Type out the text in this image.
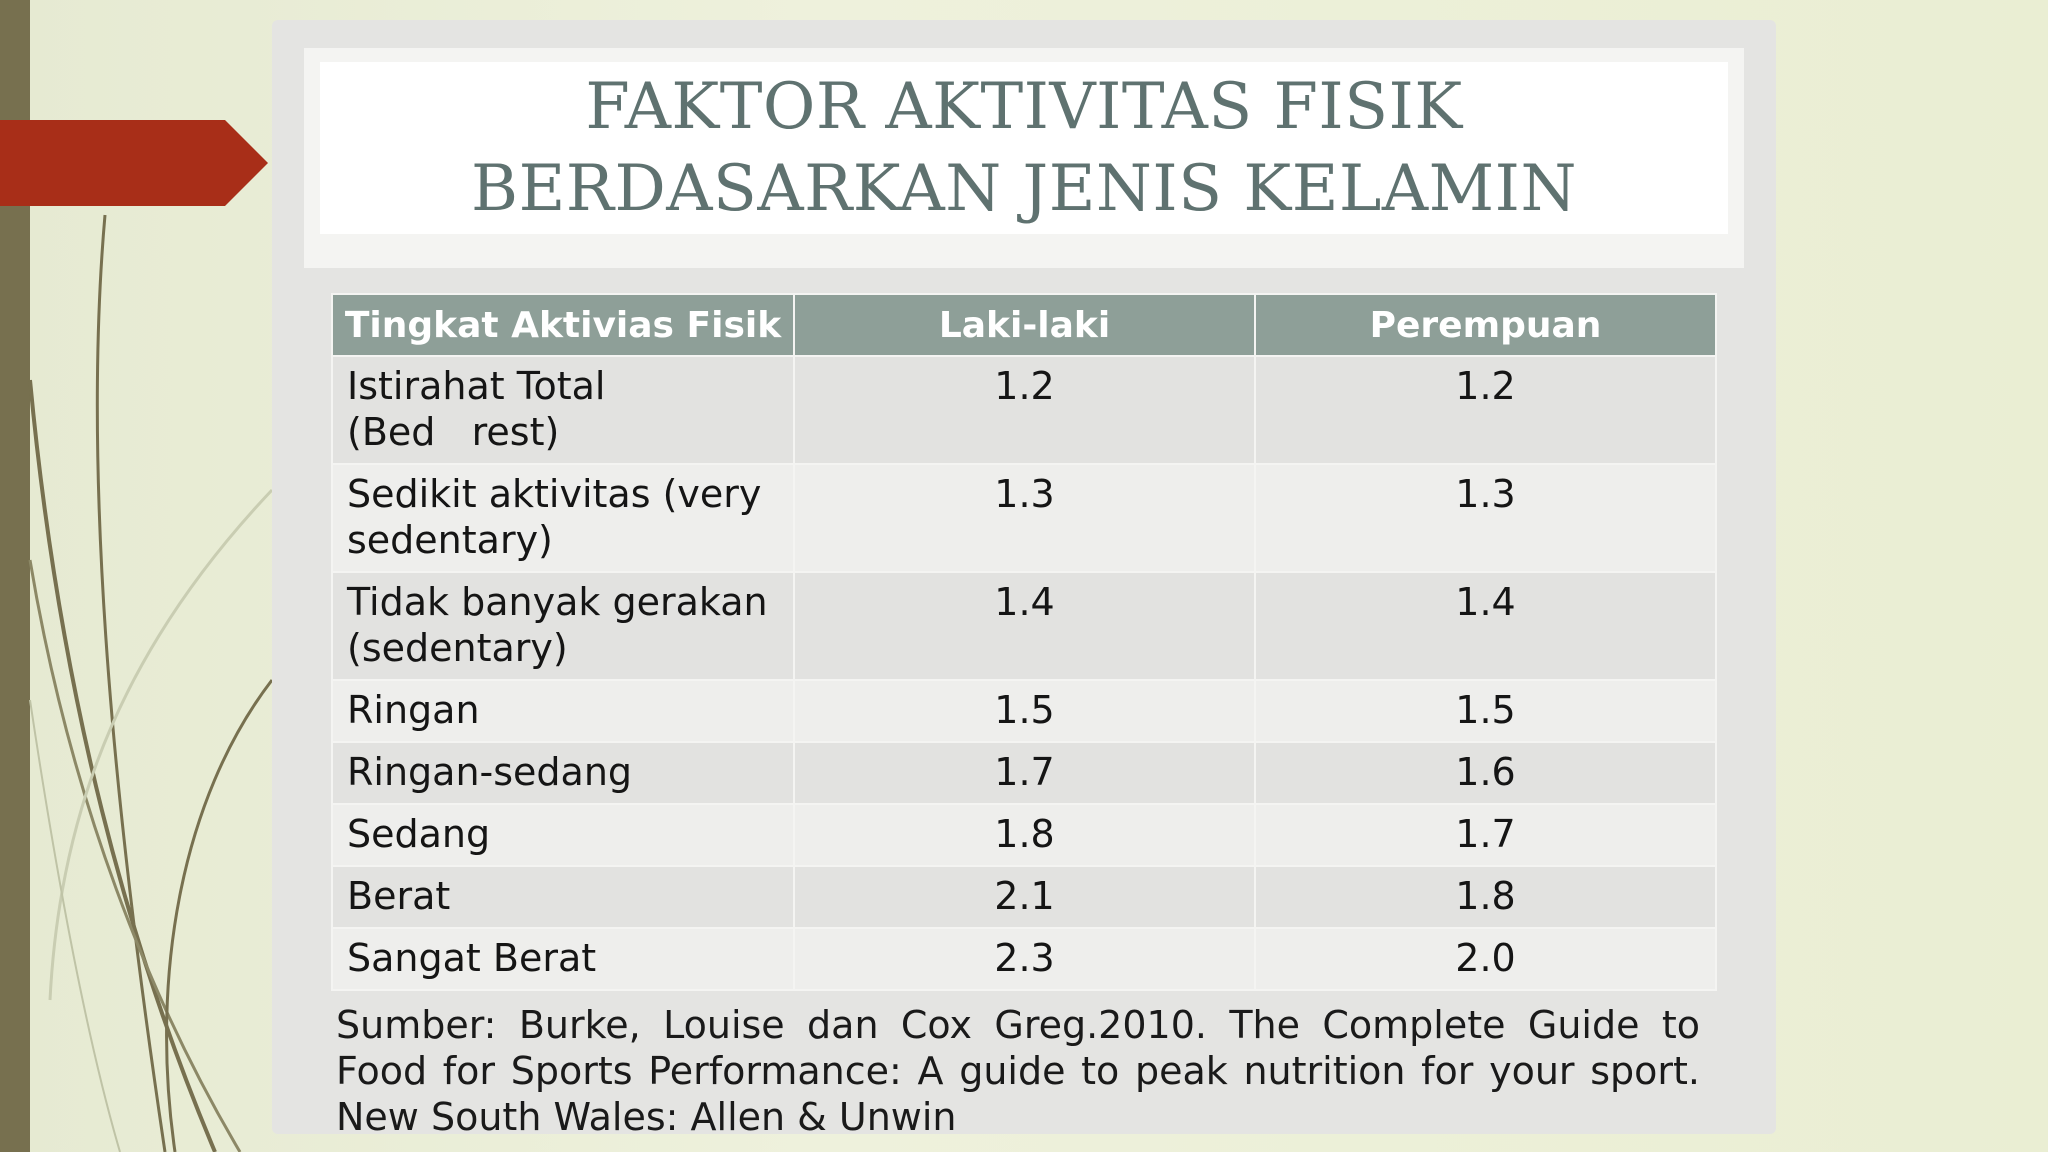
FAKTOR AKTIVITAS FISIK
BERDASARKAN JENIS KELAMIN
Tingkat Aktivias Fisik	Laki-laki	Perempuan
Istirahat Total
(Bed   rest)	1.2	1.2
Sedikit aktivitas (very
sedentary)	1.3	1.3
Tidak banyak gerakan
(sedentary)	1.4	1.4
Ringan	1.5	1.5
Ringan-sedang	1.7	1.6
Sedang	1.8	1.7
Berat	2.1	1.8
Sangat Berat	2.3	2.0
Sumber: Burke, Louise dan Cox Greg.2010. The Complete Guide to Food for Sports Performance: A guide to peak nutrition for your sport. New South Wales: Allen & Unwin
